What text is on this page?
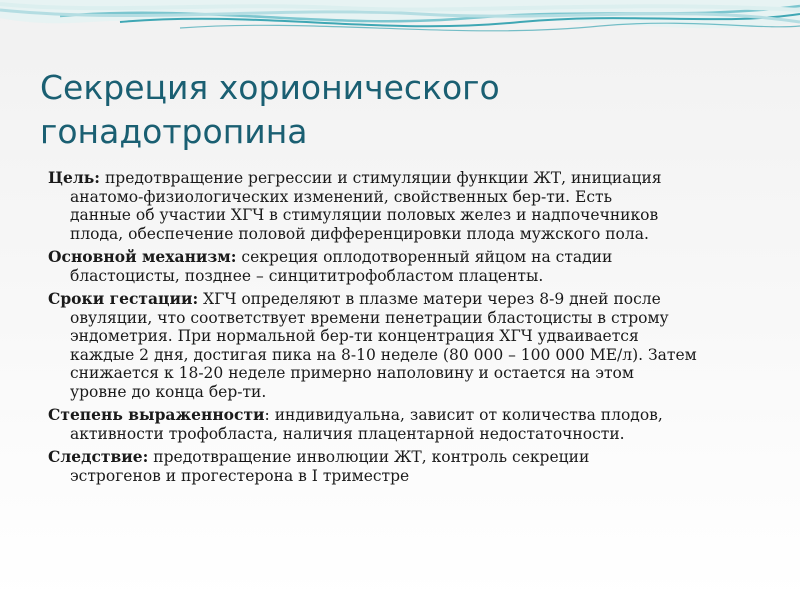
Секреция хорионического
гонадотропина

Цель: предотвращение регрессии и стимуляции функции ЖТ, инициация
анатомо-физиологических изменений, свойственных бер-ти. Есть
данные об участии ХГЧ в стимуляции половых желез и надпочечников
плода, обеспечение половой дифференцировки плода мужского пола.

Основной механизм: секреция оплодотворенный яйцом на стадии
бластоцисты, позднее – синцититрофобластом плаценты.

Сроки гестации: ХГЧ определяют в плазме матери через 8-9 дней после
овуляции, что соответствует времени пенетрации бластоцисты в строму
эндометрия. При нормальной бер-ти концентрация ХГЧ удваивается
каждые 2 дня, достигая пика на 8-10 неделе (80 000 – 100 000 МЕ/л). Затем
снижается к 18-20 неделе примерно наполовину и остается на этом
уровне до конца бер-ти.

Степень выраженности: индивидуальна, зависит от количества плодов,
активности трофобласта, наличия плацентарной недостаточности.

Следствие: предотвращение инволюции ЖТ, контроль секреции
эстрогенов и прогестерона в I триместре
